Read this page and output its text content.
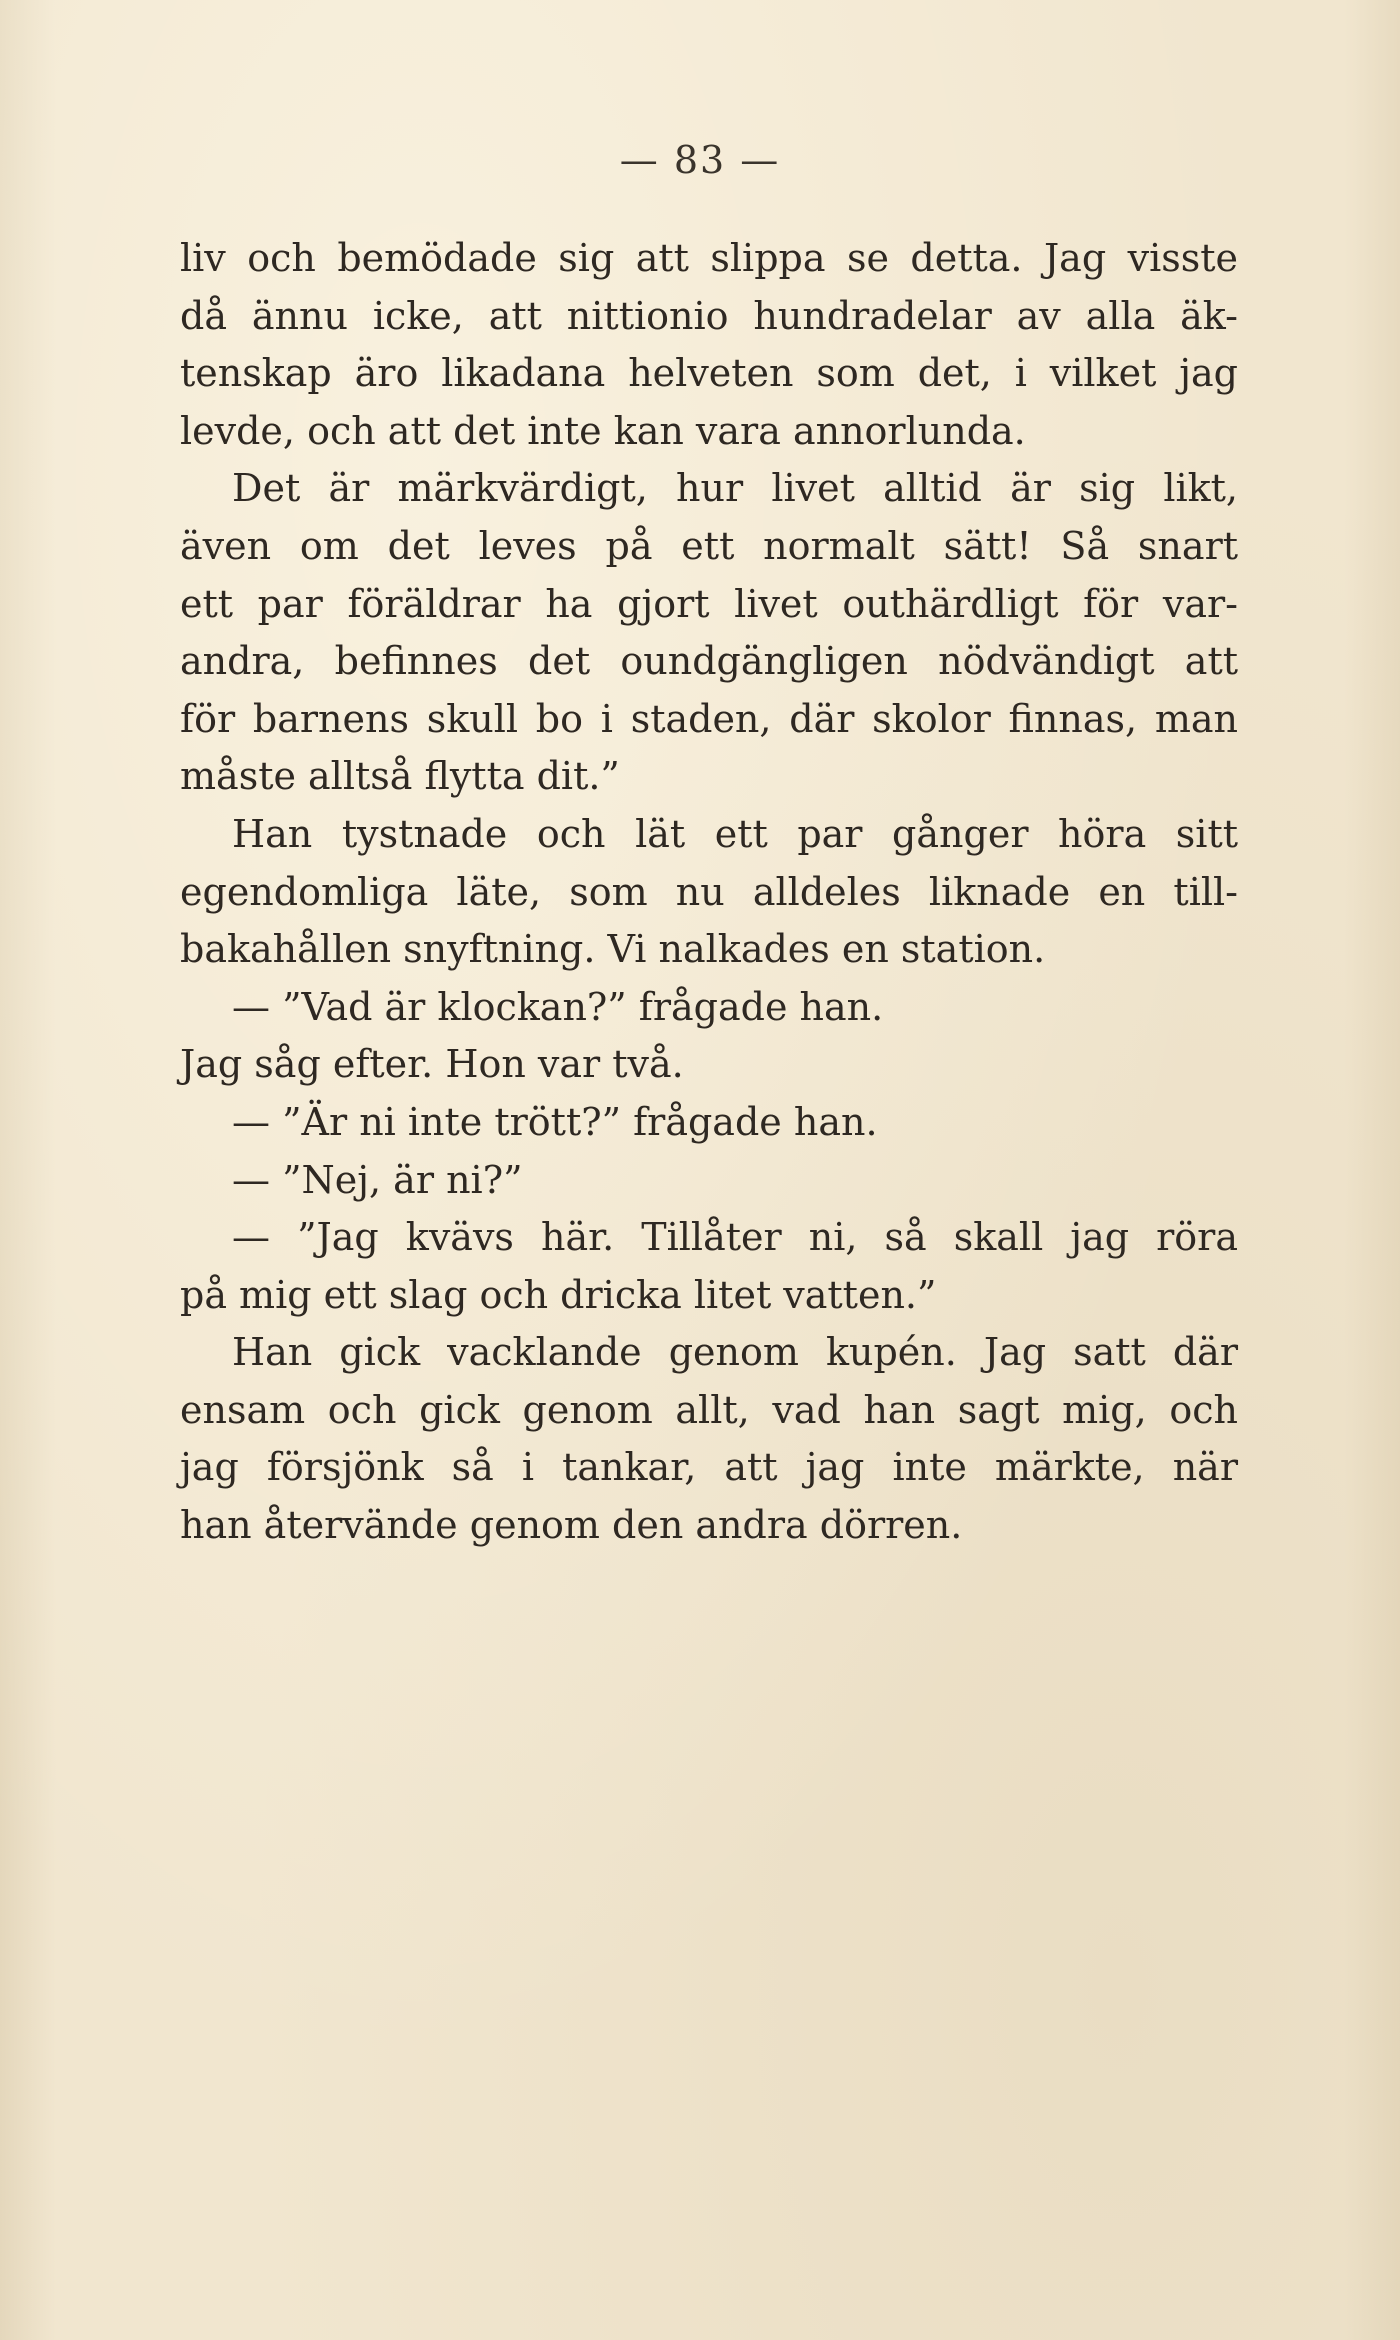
— 83 —
liv och bemödade sig att slippa se detta. Jag visste
då ännu icke, att nittionio hundradelar av alla äk-
tenskap äro likadana helveten som det, i vilket jag
levde, och att det inte kan vara annorlunda.
Det är märkvärdigt, hur livet alltid är sig likt,
även om det leves på ett normalt sätt! Så snart
ett par föräldrar ha gjort livet outhärdligt för var-
andra, befinnes det oundgängligen nödvändigt att
för barnens skull bo i staden, där skolor finnas, man
måste alltså flytta dit.”
Han tystnade och lät ett par gånger höra sitt
egendomliga läte, som nu alldeles liknade en till-
bakahållen snyftning. Vi nalkades en station.
— ”Vad är klockan?” frågade han.
Jag såg efter. Hon var två.
— ”Är ni inte trött?” frågade han.
— ”Nej, är ni?”
— ”Jag kvävs här. Tillåter ni, så skall jag röra
på mig ett slag och dricka litet vatten.”
Han gick vacklande genom kupén. Jag satt där
ensam och gick genom allt, vad han sagt mig, och
jag försjönk så i tankar, att jag inte märkte, när
han återvände genom den andra dörren.
